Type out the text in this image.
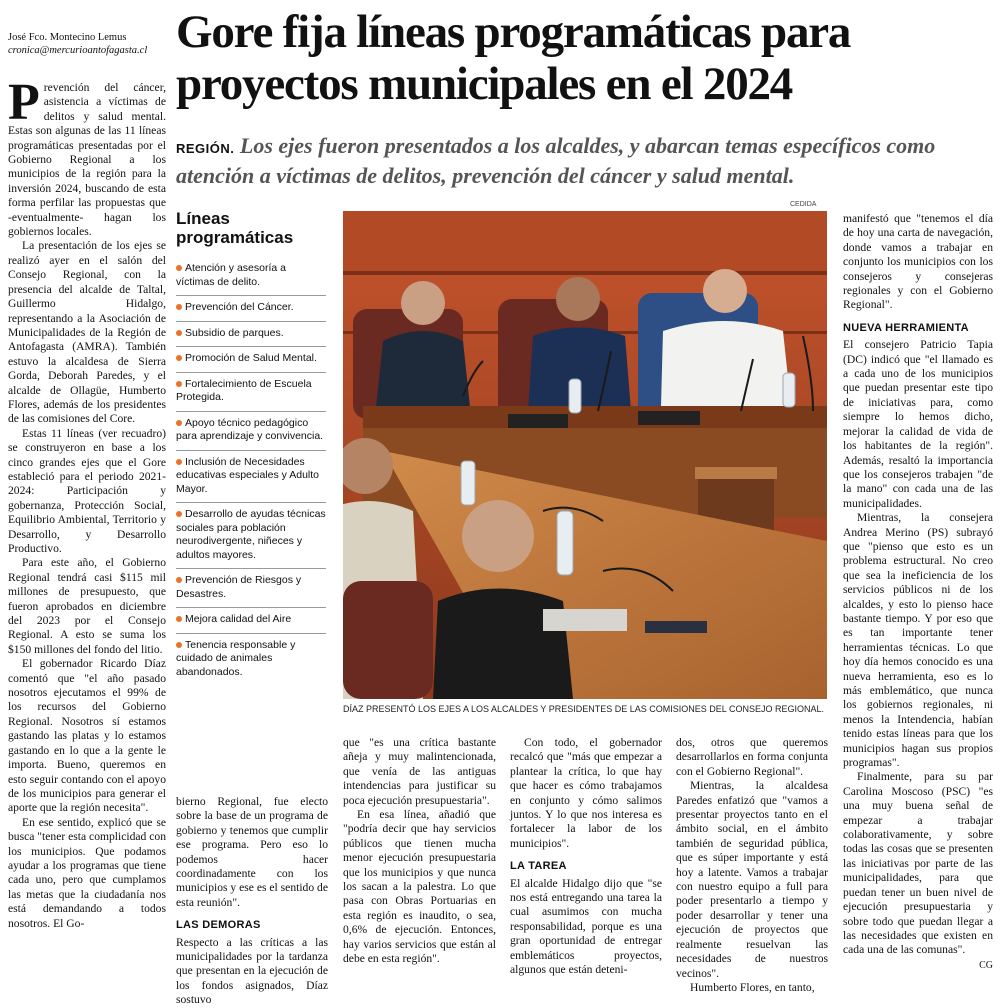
José Fco. Montecino Lemus
cronica@mercurioantofagasta.cl Gore fija líneas programáticas para proyectos municipales en el 2024
REGIÓN. Los ejes fueron presentados a los alcaldes, y abarcan temas específicos como atención a víctimas de delitos, prevención del cáncer y salud mental.

Prevención del cáncer, asistencia a víctimas de delitos y salud mental. Estas son algunas de las 11 líneas programáticas presentadas por el Gobierno Regional a los municipios de la región para la inversión 2024, buscando de esta forma perfilar las propuestas que -eventualmente- hagan los gobiernos locales.

La presentación de los ejes se realizó ayer en el salón del Consejo Regional, con la presencia del alcalde de Taltal, Guillermo Hidalgo, representando a la Asociación de Municipalidades de la Región de Antofagasta (AMRA). También estuvo la alcaldesa de Sierra Gorda, Deborah Paredes, y el alcalde de Ollagüe, Humberto Flores, además de los presidentes de las comisiones del Core.

Estas 11 líneas (ver recuadro) se construyeron en base a los cinco grandes ejes que el Gore estableció para el periodo 2021-2024: Participación y gobernanza, Protección Social, Equilibrio Ambiental, Territorio y Desarrollo, y Desarrollo Productivo.

Para este año, el Gobierno Regional tendrá casi $115 mil millones de presupuesto, que fueron aprobados en diciembre del 2023 por el Consejo Regional. A esto se suma los $150 millones del fondo del litio.

El gobernador Ricardo Díaz comentó que "el año pasado nosotros ejecutamos el 99% de los recursos del Gobierno Regional. Nosotros sí estamos gastando las platas y lo estamos gastando en lo que a la gente le importa. Bueno, queremos en esto seguir contando con el apoyo de los municipios para generar el aporte que la región necesita".

En ese sentido, explicó que se busca "tener esta complicidad con los municipios. Que podamos ayudar a los programas que tiene cada uno, pero que cumplamos las metas que la ciudadanía nos está demandando a todos nosotros. El Go-

Líneas programáticas
Atención y asesoría a víctimas de delito.
Prevención del Cáncer.
Subsidio de parques.
Promoción de Salud Mental.
Fortalecimiento de Escuela Protegida.
Apoyo técnico pedagógico para aprendizaje y convivencia.
Inclusión de Necesidades educativas especiales y Adulto Mayor.
Desarrollo de ayudas técnicas sociales para población neurodivergente, niñeces y adultos mayores.
Prevención de Riesgos y Desastres.
Mejora calidad del Aire
Tenencia responsable y cuidado de animales abandonados.
CEDIDA
DÍAZ PRESENTÓ LOS EJES A LOS ALCALDES Y PRESIDENTES DE LAS COMISIONES DEL CONSEJO REGIONAL.

bierno Regional, fue electo sobre la base de un programa de gobierno y tenemos que cumplir ese programa. Pero eso lo podemos hacer coordinadamente con los municipios y ese es el sentido de esta reunión".

LAS DEMORAS

Respecto a las críticas a las municipalidades por la tardanza que presentan en la ejecución de los fondos asignados, Díaz sostuvo

que "es una crítica bastante añeja y muy malintencionada, que venía de las antiguas intendencias para justificar su poca ejecución presupuestaria".

En esa línea, añadió que "podría decir que hay servicios públicos que tienen mucha menor ejecución presupuestaria que los municipios y que nunca los sacan a la palestra. Lo que pasa con Obras Portuarias en esta región es inaudito, o sea, 0,6% de ejecución. Entonces, hay varios servicios que están al debe en esta región".

Con todo, el gobernador recalcó que "más que empezar a plantear la crítica, lo que hay que hacer es cómo trabajamos en conjunto y cómo salimos juntos. Y lo que nos interesa es fortalecer la labor de los municipios".

LA TAREA

El alcalde Hidalgo dijo que "se nos está entregando una tarea la cual asumimos con mucha responsabilidad, porque es una gran oportunidad de entregar emblemáticos proyectos, algunos que están deteni-

dos, otros que queremos desarrollarlos en forma conjunta con el Gobierno Regional".

Mientras, la alcaldesa Paredes enfatizó que "vamos a presentar proyectos tanto en el ámbito social, en el ámbito también de seguridad pública, que es súper importante y está hoy a latente. Vamos a trabajar con nuestro equipo a full para poder presentarlo a tiempo y poder desarrollar y tener una ejecución de proyectos que realmente resuelvan las necesidades de nuestros vecinos".

Humberto Flores, en tanto,

manifestó que "tenemos el día de hoy una carta de navegación, donde vamos a trabajar en conjunto los municipios con los consejeros y consejeras regionales y con el Gobierno Regional".

NUEVA HERRAMIENTA

El consejero Patricio Tapia (DC) indicó que "el llamado es a cada uno de los municipios que puedan presentar este tipo de iniciativas para, como siempre lo hemos dicho, mejorar la calidad de vida de los habitantes de la región". Además, resaltó la importancia que los consejeros trabajen "de la mano" con cada una de las municipalidades.

Mientras, la consejera Andrea Merino (PS) subrayó que "pienso que esto es un problema estructural. No creo que sea la ineficiencia de los servicios públicos ni de los alcaldes, y esto lo pienso hace bastante tiempo. Y por eso que es tan importante tener herramientas técnicas. Lo que hoy día hemos conocido es una nueva herramienta, eso es lo más emblemático, que nunca los gobiernos regionales, ni menos la Intendencia, habían tenido estas líneas para que los municipios hagan sus propios programas".

Finalmente, para su par Carolina Moscoso (PSC) "es una muy buena señal de empezar a trabajar colaborativamente, y sobre todas las cosas que se presenten las iniciativas por parte de las municipalidades, para que puedan tener un buen nivel de ejecución presupuestaria y sobre todo que puedan llegar a las necesidades que existen en cada una de las comunas".

CG
